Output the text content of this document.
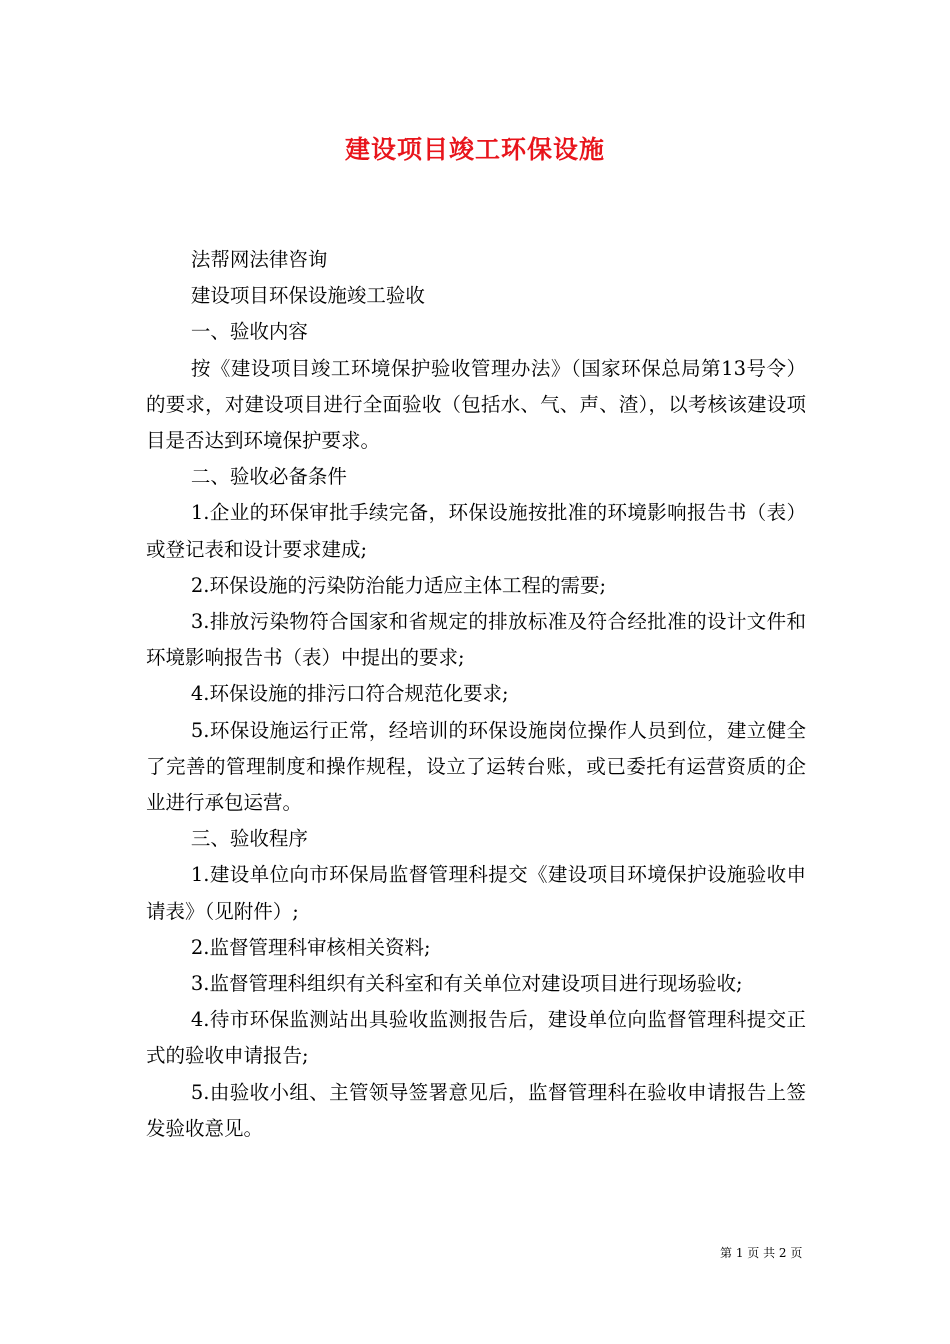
建设项目竣工环保设施

法帮网法律咨询

建设项目环保设施竣工验收

一、验收内容

按《建设项目竣工环境保护验收管理办法》（国家环保总局第13号令）的要求，对建设项目进行全面验收（包括水、气、声、渣），以考核该建设项目是否达到环境保护要求。

二、验收必备条件

1.企业的环保审批手续完备，环保设施按批准的环境影响报告书（表）或登记表和设计要求建成;

2.环保设施的污染防治能力适应主体工程的需要;

3.排放污染物符合国家和省规定的排放标准及符合经批准的设计文件和环境影响报告书（表）中提出的要求;

4.环保设施的排污口符合规范化要求;

5.环保设施运行正常，经培训的环保设施岗位操作人员到位，建立健全了完善的管理制度和操作规程，设立了运转台账，或已委托有运营资质的企业进行承包运营。

三、验收程序

1.建设单位向市环保局监督管理科提交《建设项目环境保护设施验收申请表》（见附件）;

2.监督管理科审核相关资料;

3.监督管理科组织有关科室和有关单位对建设项目进行现场验收;

4.待市环保监测站出具验收监测报告后，建设单位向监督管理科提交正式的验收申请报告;

5.由验收小组、主管领导签署意见后，监督管理科在验收申请报告上签发验收意见。

第 1 页 共 2 页
